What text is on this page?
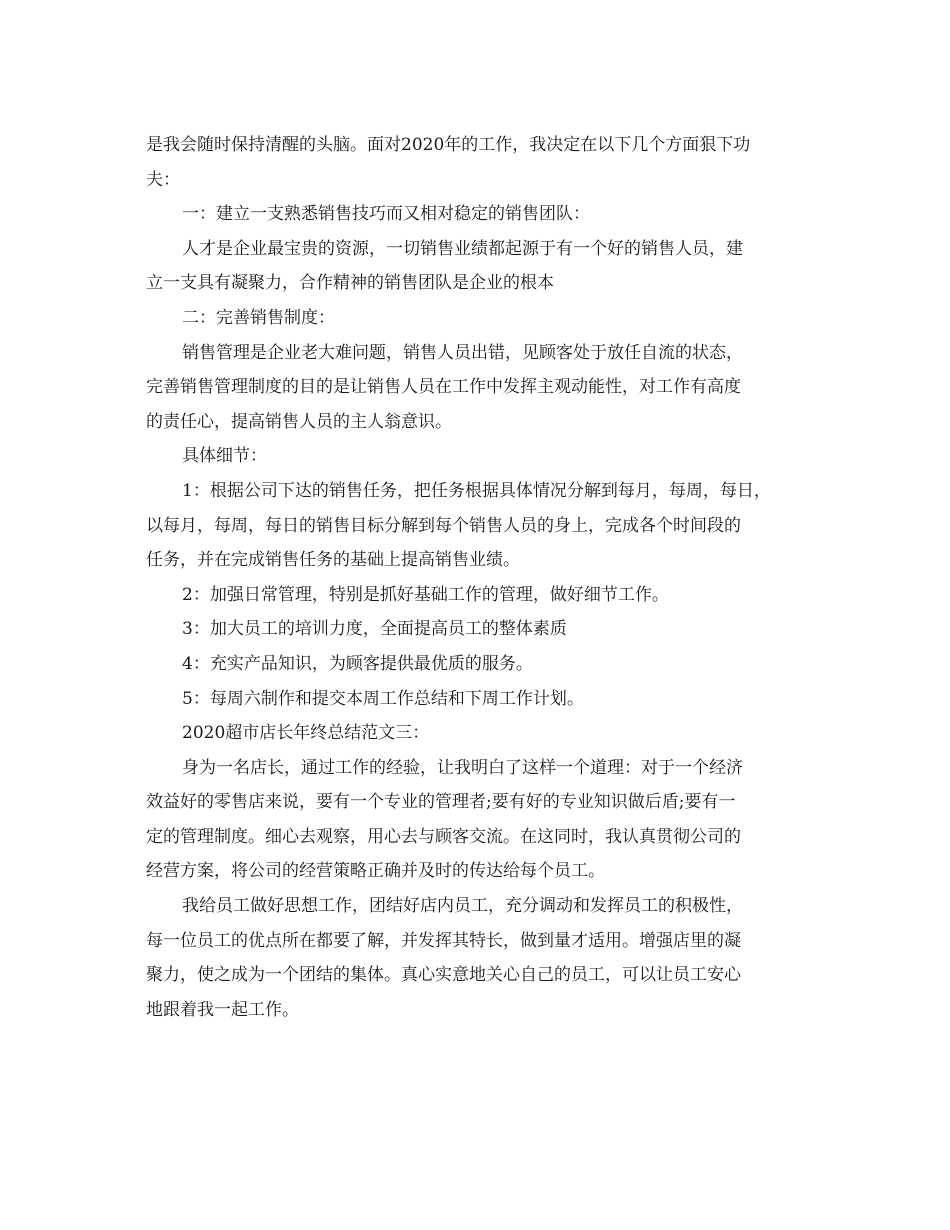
是我会随时保持清醒的头脑。面对2020年的工作，我决定在以下几个方面狠下功
夫：
一：建立一支熟悉销售技巧而又相对稳定的销售团队：
人才是企业最宝贵的资源，一切销售业绩都起源于有一个好的销售人员，建
立一支具有凝聚力，合作精神的销售团队是企业的根本
二：完善销售制度：
销售管理是企业老大难问题，销售人员出错，见顾客处于放任自流的状态，
完善销售管理制度的目的是让销售人员在工作中发挥主观动能性，对工作有高度
的责任心，提高销售人员的主人翁意识。
具体细节：
1：根据公司下达的销售任务，把任务根据具体情况分解到每月，每周，每日，
以每月，每周，每日的销售目标分解到每个销售人员的身上，完成各个时间段的
任务，并在完成销售任务的基础上提高销售业绩。
2：加强日常管理，特别是抓好基础工作的管理，做好细节工作。
3：加大员工的培训力度，全面提高员工的整体素质
4：充实产品知识，为顾客提供最优质的服务。
5：每周六制作和提交本周工作总结和下周工作计划。
2020超市店长年终总结范文三：
身为一名店长，通过工作的经验，让我明白了这样一个道理：对于一个经济
效益好的零售店来说，要有一个专业的管理者;要有好的专业知识做后盾;要有一
定的管理制度。细心去观察，用心去与顾客交流。在这同时，我认真贯彻公司的
经营方案，将公司的经营策略正确并及时的传达给每个员工。
我给员工做好思想工作，团结好店内员工，充分调动和发挥员工的积极性，
每一位员工的优点所在都要了解，并发挥其特长，做到量才适用。增强店里的凝
聚力，使之成为一个团结的集体。真心实意地关心自己的员工，可以让员工安心
地跟着我一起工作。
